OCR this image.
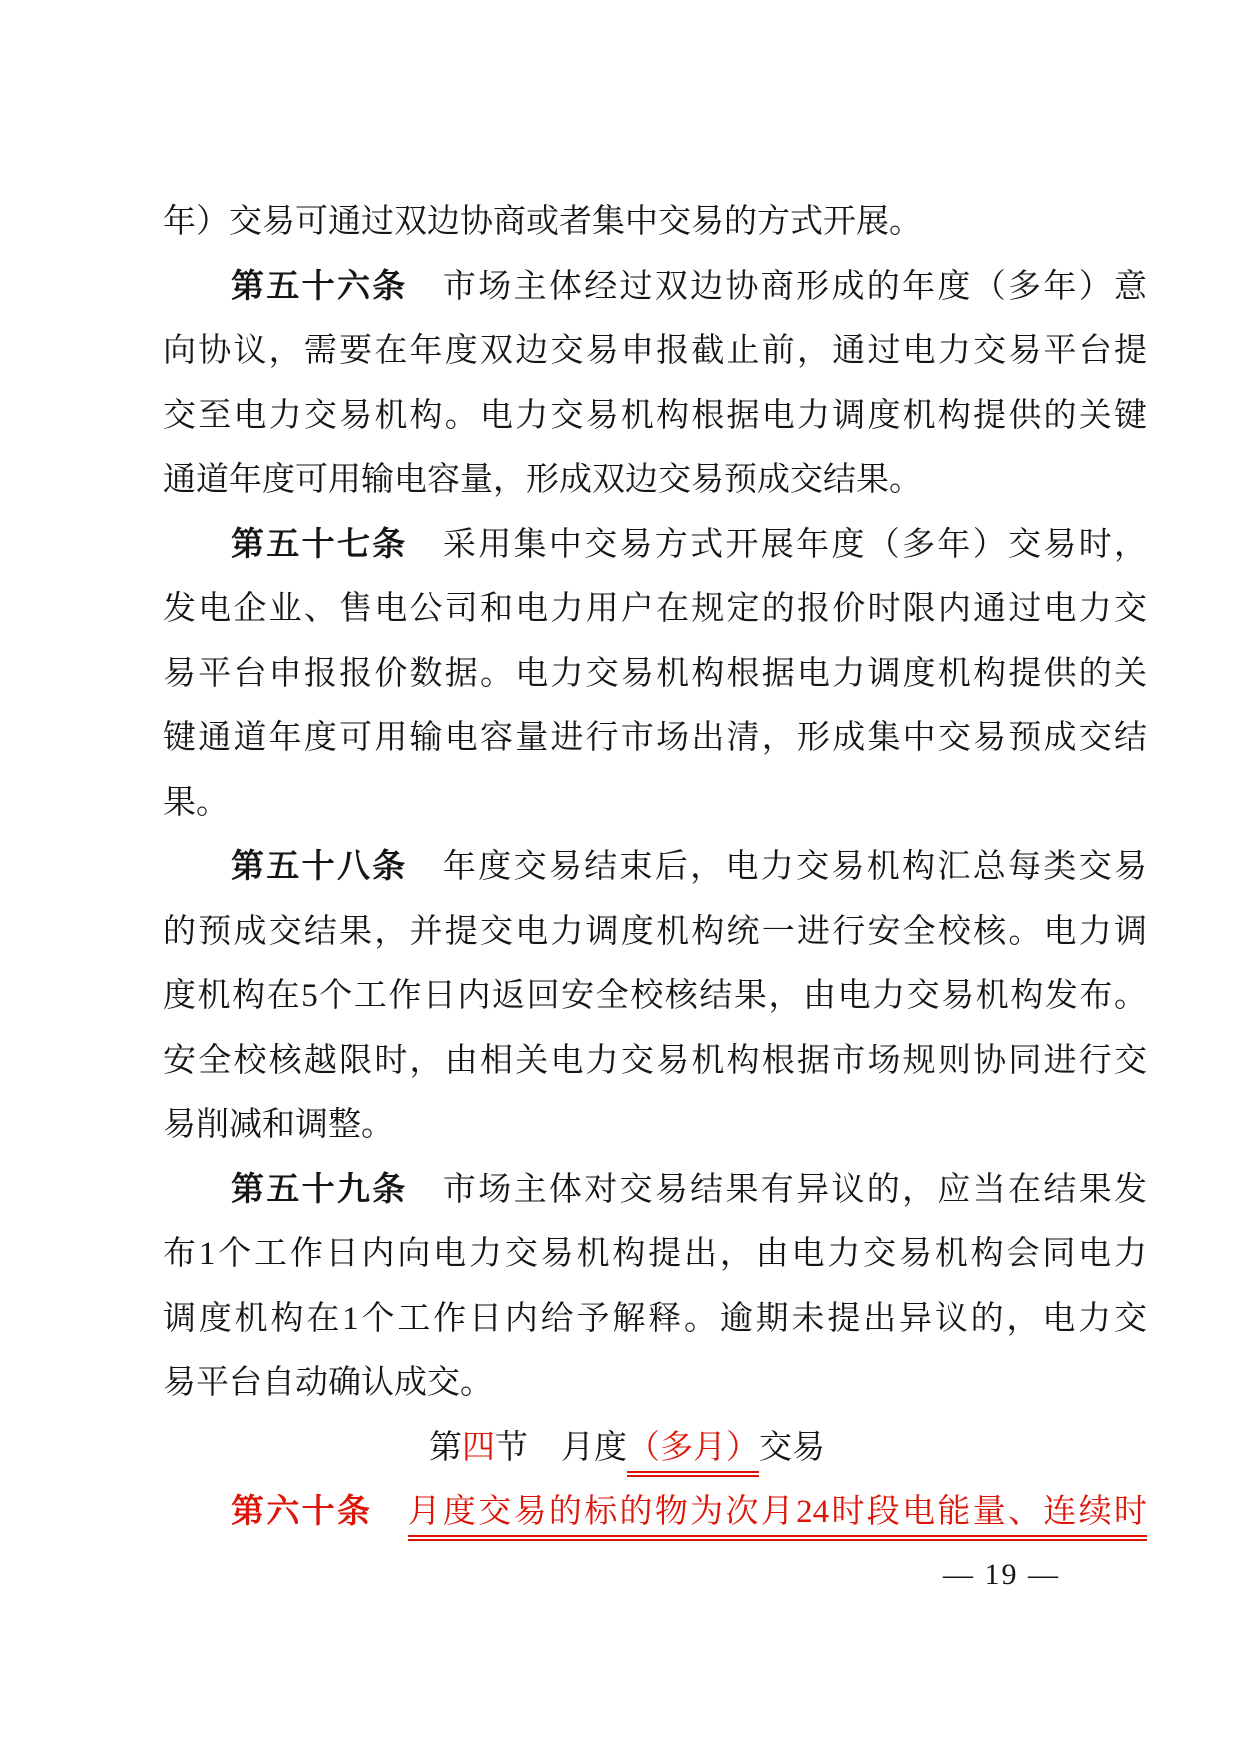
年）交易可通过双边协商或者集中交易的方式开展。
第五十六条　市场主体经过双边协商形成的年度（多年）意
向协议，需要在年度双边交易申报截止前，通过电力交易平台提
交至电力交易机构。电力交易机构根据电力调度机构提供的关键
通道年度可用输电容量，形成双边交易预成交结果。
第五十七条　采用集中交易方式开展年度（多年）交易时，
发电企业、售电公司和电力用户在规定的报价时限内通过电力交
易平台申报报价数据。电力交易机构根据电力调度机构提供的关
键通道年度可用输电容量进行市场出清，形成集中交易预成交结
果。
第五十八条　年度交易结束后，电力交易机构汇总每类交易
的预成交结果，并提交电力调度机构统一进行安全校核。电力调
度机构在5个工作日内返回安全校核结果，由电力交易机构发布。
安全校核越限时，由相关电力交易机构根据市场规则协同进行交
易削减和调整。
第五十九条　市场主体对交易结果有异议的，应当在结果发
布1个工作日内向电力交易机构提出，由电力交易机构会同电力
调度机构在1个工作日内给予解释。逾期未提出异议的，电力交
易平台自动确认成交。
第四节　月度（多月）交易
第六十条　 月度交易的标的物为次月24时段电能量、连续时
— 19 —
